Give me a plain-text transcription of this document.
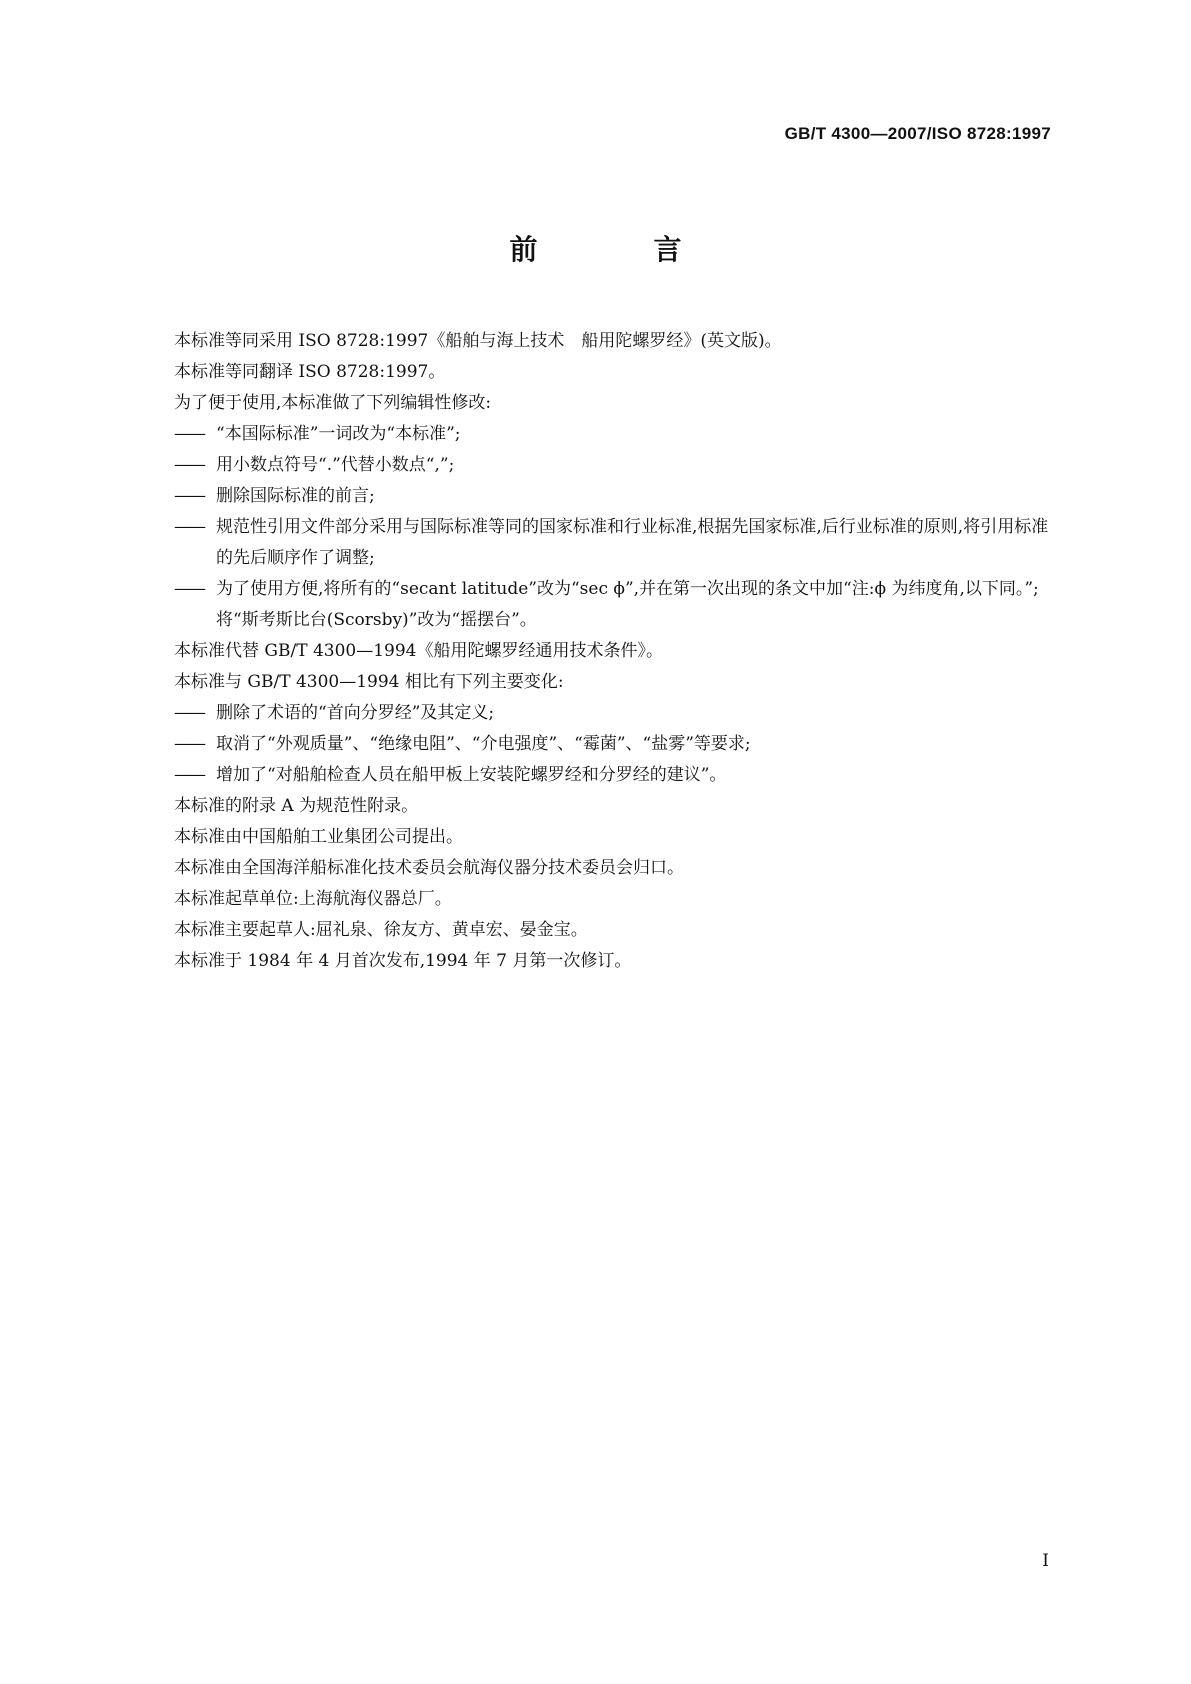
GB/T 4300—2007/ISO 8728:1997
前　言

本标准等同采用 ISO 8728:1997《船舶与海上技术　船用陀螺罗经》(英文版)。

本标准等同翻译 ISO 8728:1997。

为了便于使用,本标准做了下列编辑性修改:

—— “本国际标准”一词改为“本标准”;

—— 用小数点符号“.”代替小数点“,”;

—— 删除国际标准的前言;

—— 规范性引用文件部分采用与国际标准等同的国家标准和行业标准,根据先国家标准,后行业标准的原则,将引用标准的先后顺序作了调整;

—— 为了使用方便,将所有的“secant latitude”改为“sec ϕ”,并在第一次出现的条文中加“注:ϕ 为纬度角,以下同。”;将“斯考斯比台(Scorsby)”改为“摇摆台”。

本标准代替 GB/T 4300—1994《船用陀螺罗经通用技术条件》。

本标准与 GB/T 4300—1994 相比有下列主要变化:

—— 删除了术语的“首向分罗经”及其定义;

—— 取消了“外观质量”、“绝缘电阻”、“介电强度”、“霉菌”、“盐雾”等要求;

—— 增加了“对船舶检查人员在船甲板上安装陀螺罗经和分罗经的建议”。

本标准的附录 A 为规范性附录。

本标准由中国船舶工业集团公司提出。

本标准由全国海洋船标准化技术委员会航海仪器分技术委员会归口。

本标准起草单位:上海航海仪器总厂。

本标准主要起草人:屈礼泉、徐友方、黄卓宏、晏金宝。

本标准于 1984 年 4 月首次发布,1994 年 7 月第一次修订。

I
